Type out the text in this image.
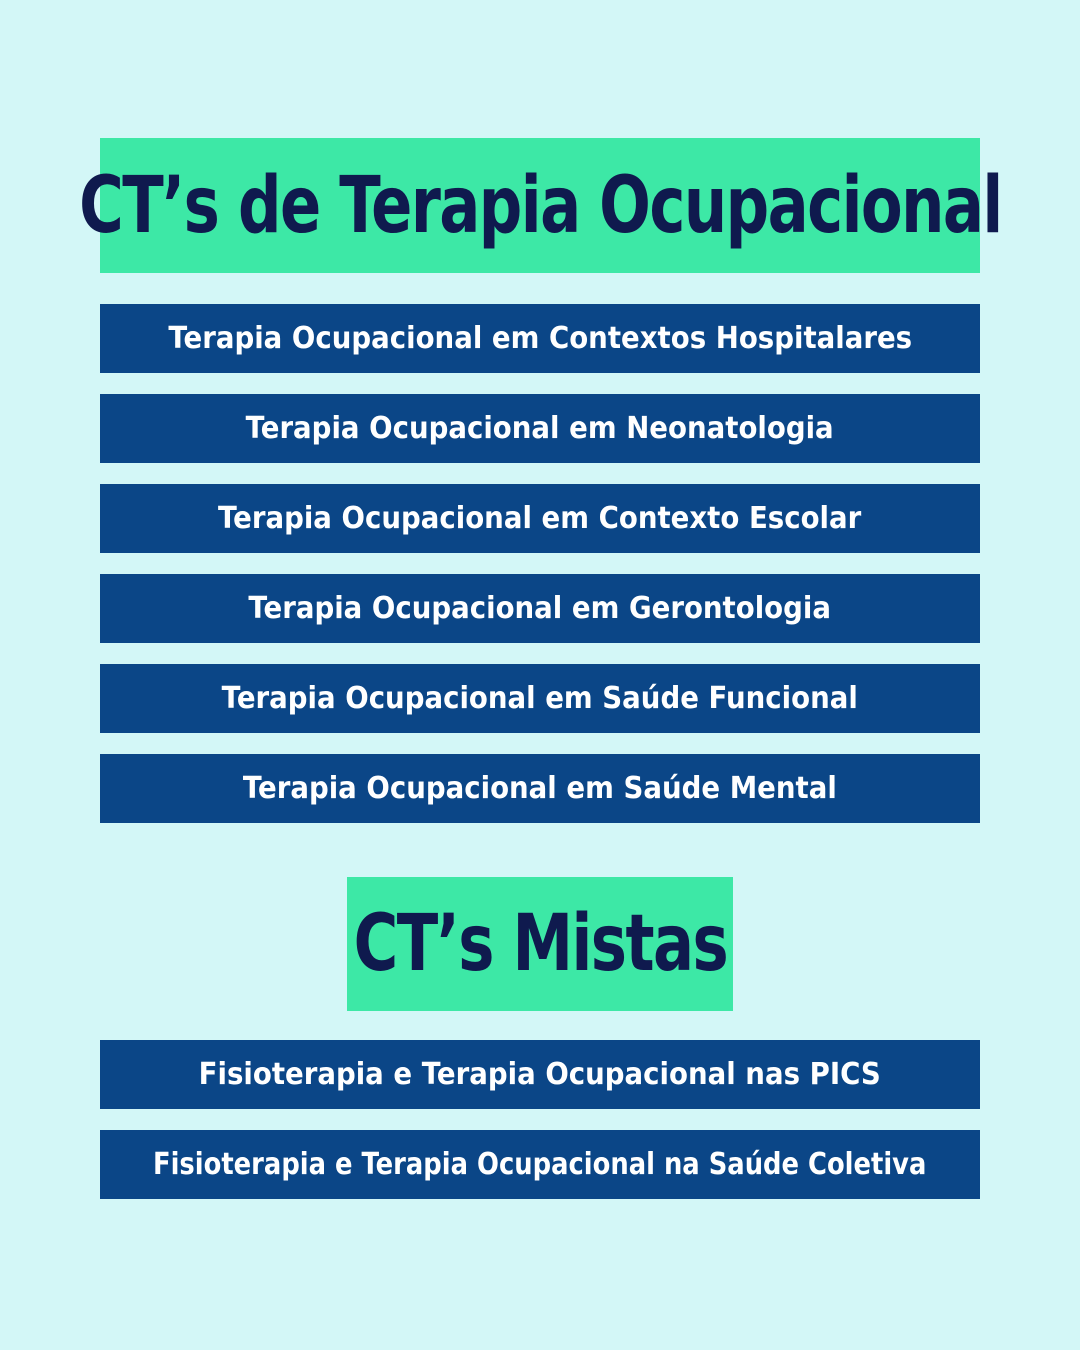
CT’s de Terapia Ocupacional
Terapia Ocupacional em Contextos Hospitalares
Terapia Ocupacional em Neonatologia
Terapia Ocupacional em Contexto Escolar
Terapia Ocupacional em Gerontologia
Terapia Ocupacional em Saúde Funcional
Terapia Ocupacional em Saúde Mental
CT’s Mistas
Fisioterapia e Terapia Ocupacional nas PICS
Fisioterapia e Terapia Ocupacional na Saúde Coletiva
